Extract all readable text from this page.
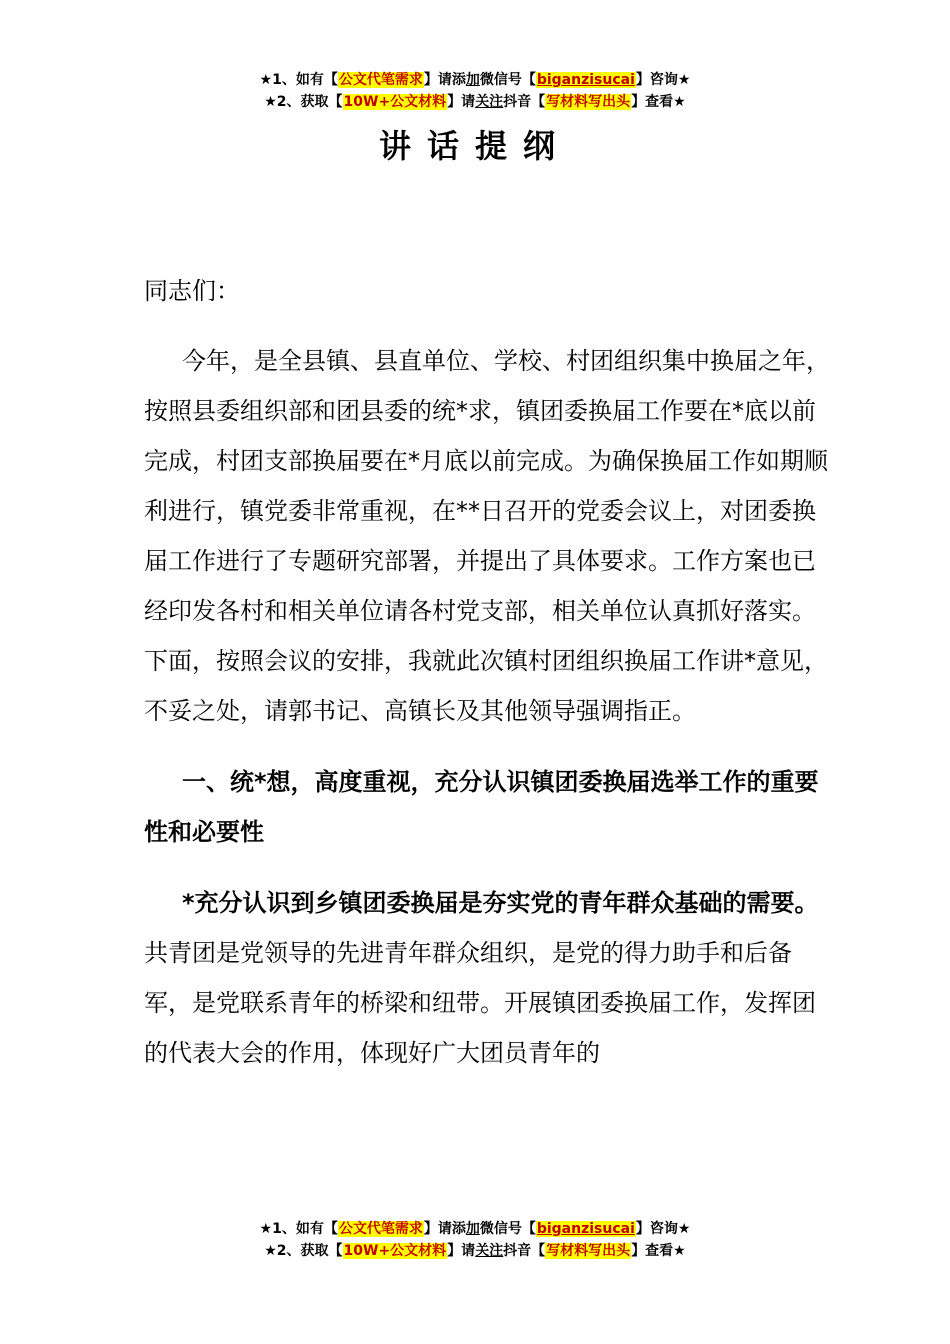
★1、如有【公文代笔需求】请添加微信号【biganzisucai】咨询★
★2、获取【10W+公文材料】请关注抖音【写材料写出头】查看★
讲话提纲

同志们：

今年，是全县镇、县直单位、学校、村团组织集中换届之年，按照县委组织部和团县委的统*求，镇团委换届工作要在*底以前完成，村团支部换届要在*月底以前完成。为确保换届工作如期顺利进行，镇党委非常重视，在**日召开的党委会议上，对团委换届工作进行了专题研究部署，并提出了具体要求。工作方案也已经印发各村和相关单位请各村党支部，相关单位认真抓好落实。下面，按照会议的安排，我就此次镇村团组织换届工作讲*意见，不妥之处，请郭书记、高镇长及其他领导强调指正。

一、统*想，高度重视，充分认识镇团委换届选举工作的重要性和必要性

*充分认识到乡镇团委换届是夯实党的青年群众基础的需要。共青团是党领导的先进青年群众组织，是党的得力助手和后备军，是党联系青年的桥梁和纽带。开展镇团委换届工作，发挥团的代表大会的作用，体现好广大团员青年的

★1、如有【公文代笔需求】请添加微信号【biganzisucai】咨询★
★2、获取【10W+公文材料】请关注抖音【写材料写出头】查看★
